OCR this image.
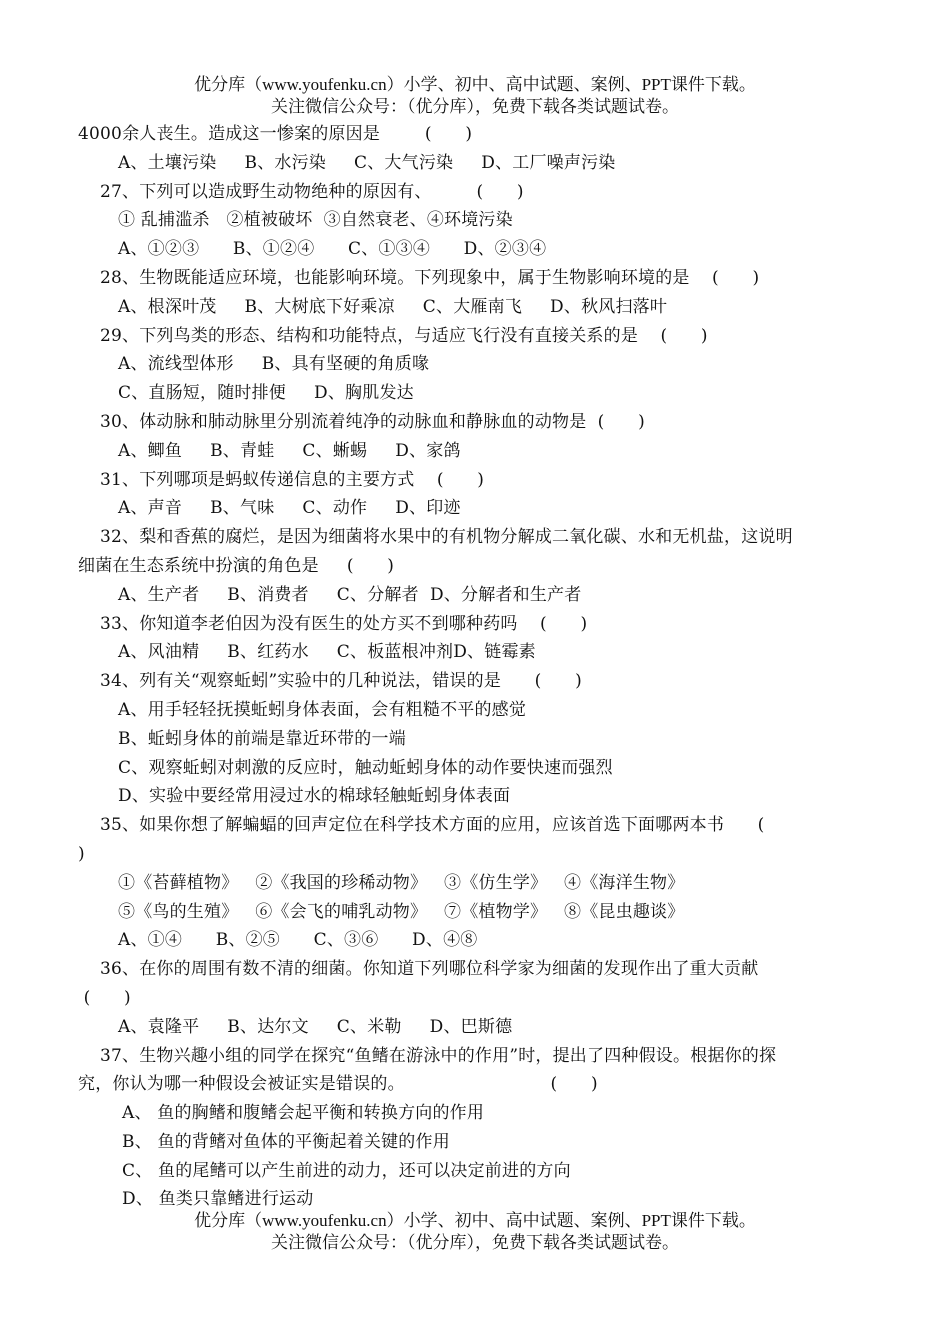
优分库（www.youfenku.cn）小学、初中、高中试题、案例、PPT课件下载。
关注微信公众号：（优分库），免费下载各类试题试卷。
4000余人丧生。造成这一惨案的原因是        (      )
A、土壤污染     B、水污染     C、大气污染     D、工厂噪声污染
27、下列可以造成野生动物绝种的原因有、        (      )
① 乱捕滥杀   ②植被破坏  ③自然衰老、④环境污染
A、①②③      B、①②④      C、①③④      D、②③④
28、生物既能适应环境，也能影响环境。下列现象中，属于生物影响环境的是    (      )
A、根深叶茂     B、大树底下好乘凉     C、大雁南飞     D、秋风扫落叶
29、下列鸟类的形态、结构和功能特点，与适应飞行没有直接关系的是    (      )
A、流线型体形     B、具有坚硬的角质喙
C、直肠短，随时排便     D、胸肌发达
30、体动脉和肺动脉里分别流着纯净的动脉血和静脉血的动物是  (      )
A、鲫鱼     B、青蛙     C、蜥蜴     D、家鸽
31、下列哪项是蚂蚁传递信息的主要方式    (      )
A、声音     B、气味     C、动作     D、印迹
32、梨和香蕉的腐烂，是因为细菌将水果中的有机物分解成二氧化碳、水和无机盐，这说明
细菌在生态系统中扮演的角色是     (      )
A、生产者     B、消费者     C、分解者  D、分解者和生产者
33、你知道李老伯因为没有医生的处方买不到哪种药吗    (      )
A、风油精     B、红药水     C、板蓝根冲剂D、链霉素
34、列有关“观察蚯蚓”实验中的几种说法，错误的是      (      )
A、用手轻轻抚摸蚯蚓身体表面，会有粗糙不平的感觉
B、蚯蚓身体的前端是靠近环带的一端
C、观察蚯蚓对刺激的反应时，触动蚯蚓身体的动作要快速而强烈
D、实验中要经常用浸过水的棉球轻触蚯蚓身体表面
35、如果你想了解蝙蝠的回声定位在科学技术方面的应用，应该首选下面哪两本书      (
)
①《苔藓植物》   ②《我国的珍稀动物》   ③《仿生学》   ④《海洋生物》
⑤《鸟的生殖》   ⑥《会飞的哺乳动物》   ⑦《植物学》   ⑧《昆虫趣谈》
A、①④      B、②⑤      C、③⑥      D、④⑧
36、在你的周围有数不清的细菌。你知道下列哪位科学家为细菌的发现作出了重大贡献
(      )
A、袁隆平     B、达尔文     C、米勒     D、巴斯德
37、生物兴趣小组的同学在探究“鱼鳍在游泳中的作用”时，提出了四种假设。根据你的探
究，你认为哪一种假设会被证实是错误的。                          (      )
A、 鱼的胸鳍和腹鳍会起平衡和转换方向的作用
B、 鱼的背鳍对鱼体的平衡起着关键的作用
C、 鱼的尾鳍可以产生前进的动力，还可以决定前进的方向
D、 鱼类只靠鳍进行运动
优分库（www.youfenku.cn）小学、初中、高中试题、案例、PPT课件下载。
关注微信公众号：（优分库），免费下载各类试题试卷。
